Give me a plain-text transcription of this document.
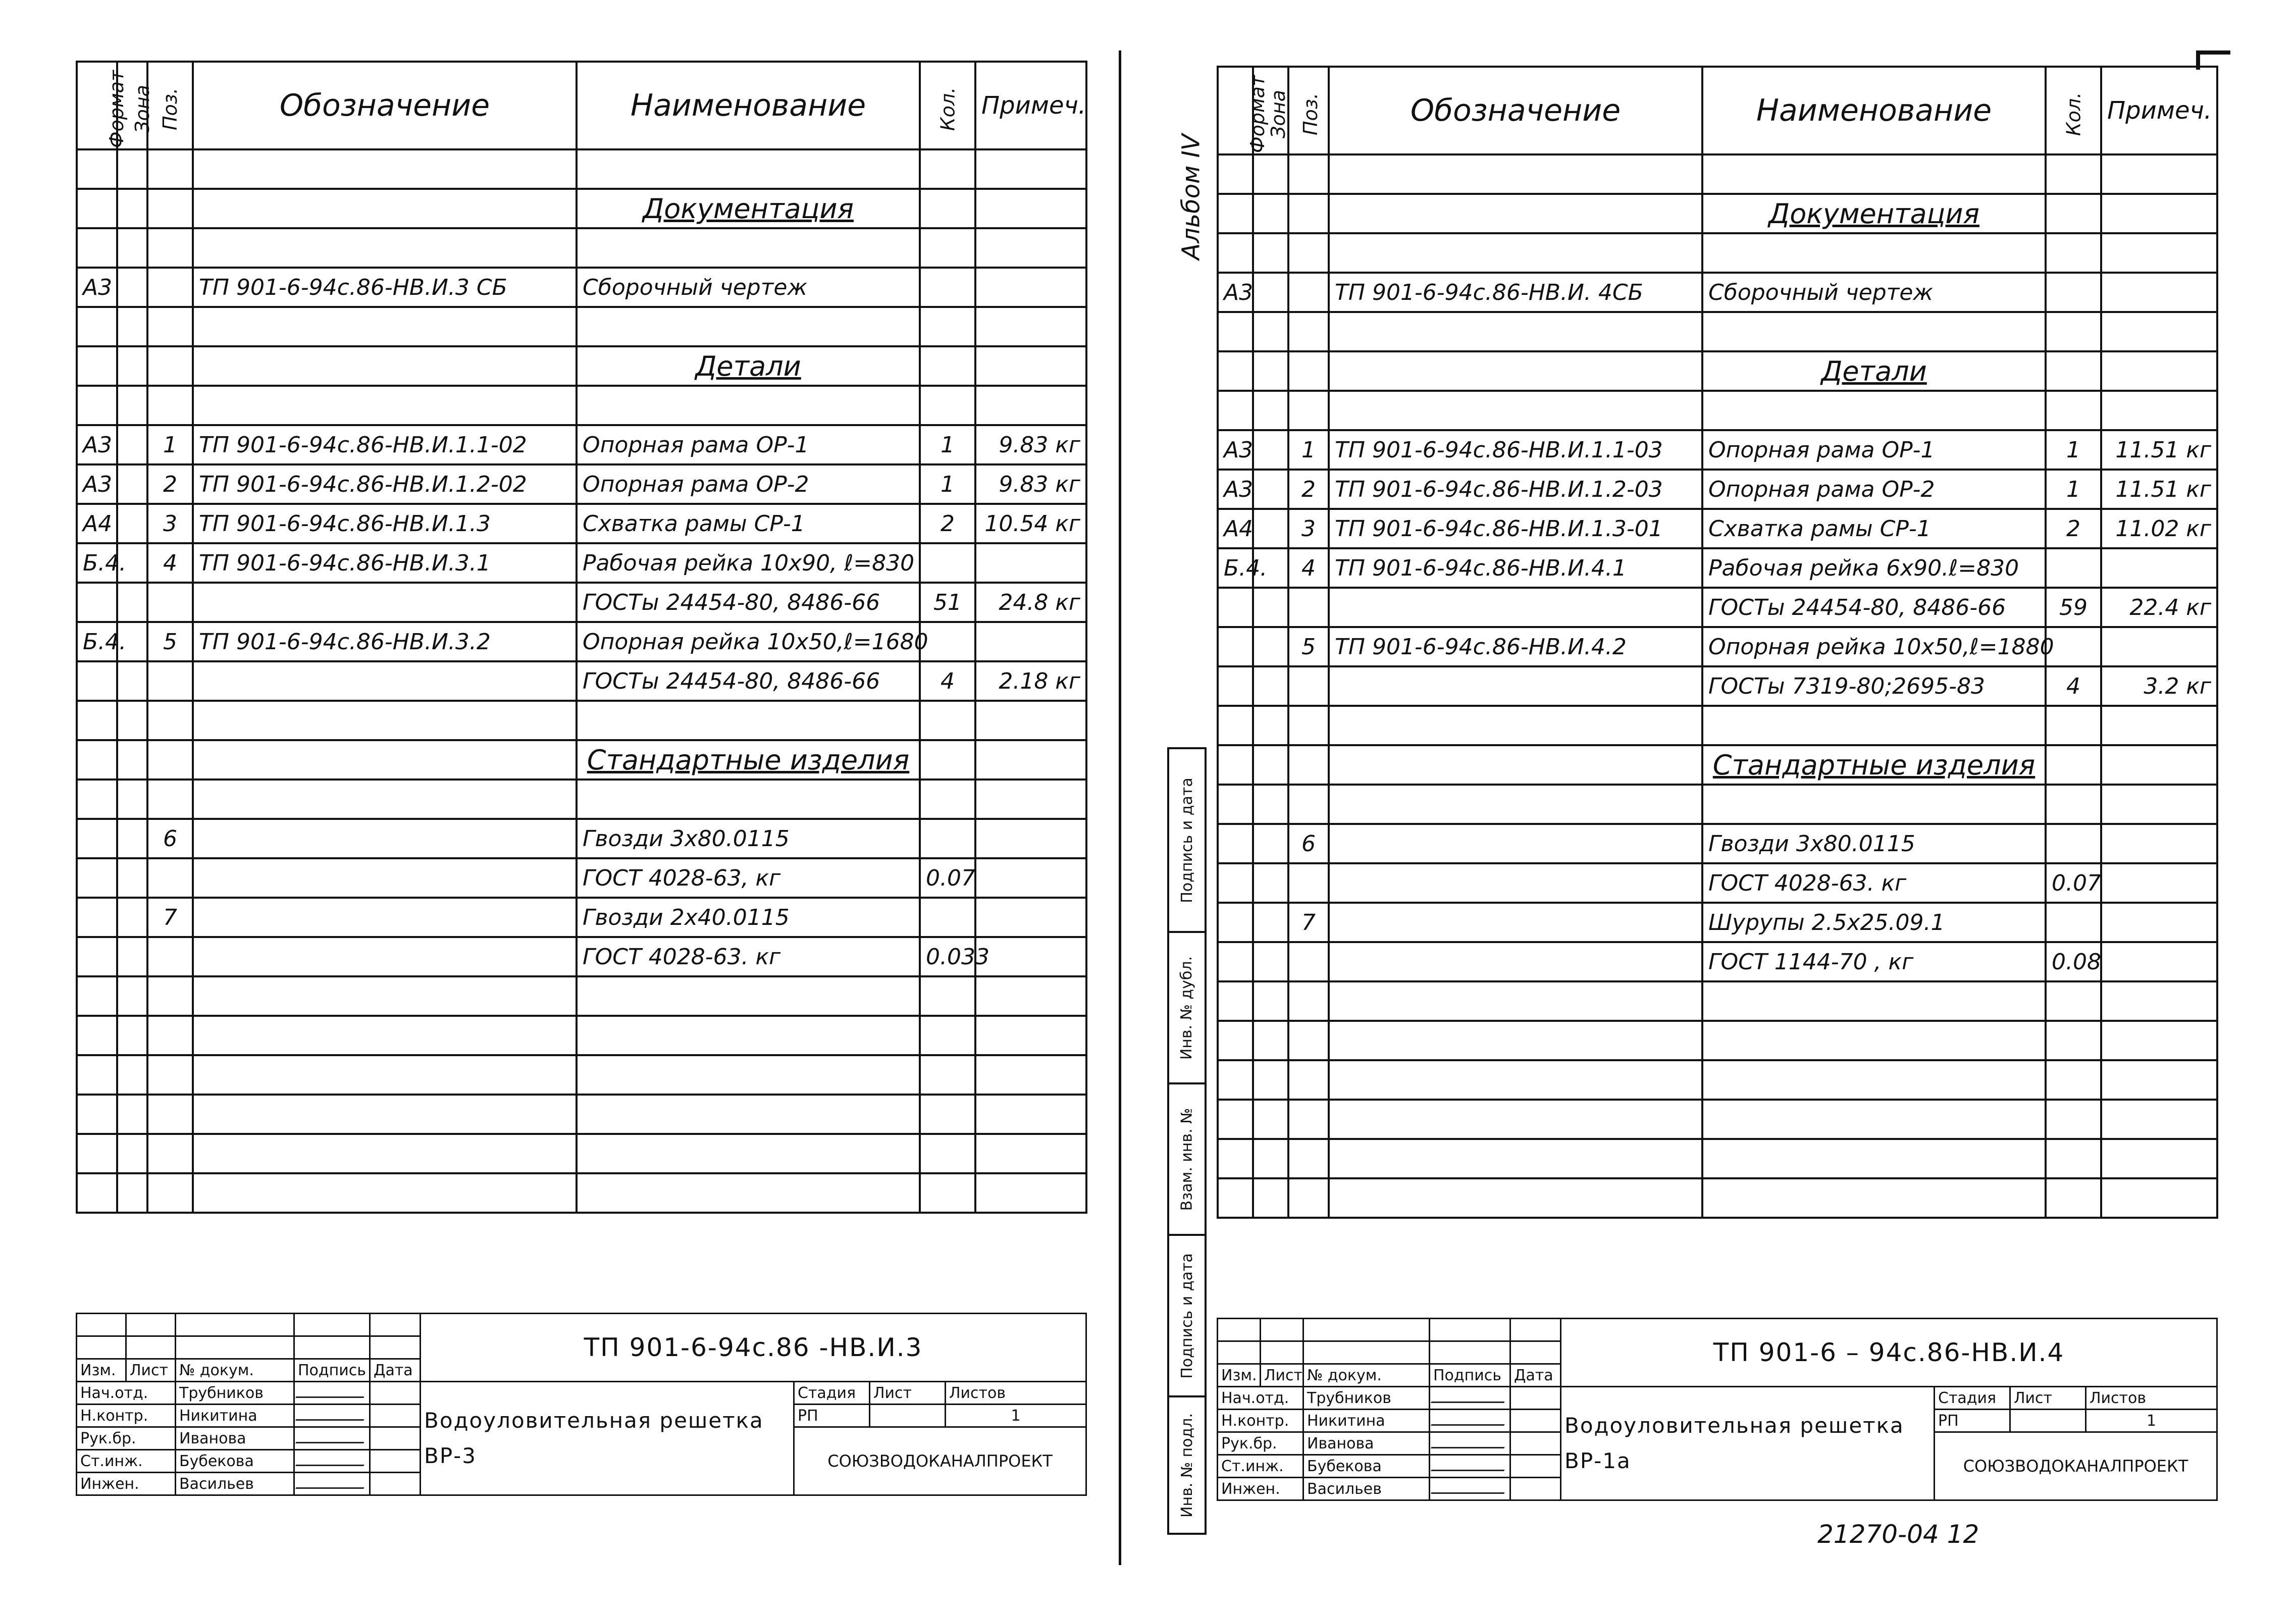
Формат	Зона	Поз.	Обозначение	Наименование	Кол.	Примеч.

				Документация		

А3			ТП 901-6-94с.86-НВ.И.3 СБ	Сборочный чертеж		

				Детали		

А3		1	ТП 901-6-94с.86-НВ.И.1.1-02	Опорная рама ОР-1	1	9.83 кг
А3		2	ТП 901-6-94с.86-НВ.И.1.2-02	Опорная рама ОР-2	1	9.83 кг
А4		3	ТП 901-6-94с.86-НВ.И.1.3	Схватка рамы СР-1	2	10.54 кг
Б.4.		4	ТП 901-6-94с.86-НВ.И.3.1	Рабочая рейка 10х90, ℓ=830		
				ГОСТы 24454-80, 8486-66	51	24.8 кг
Б.4.		5	ТП 901-6-94с.86-НВ.И.3.2	Опорная рейка 10х50,ℓ=1680		
				ГОСТы 24454-80, 8486-66	4	2.18 кг

				Стандартные изделия		

		6		Гвозди 3х80.0115		
				ГОСТ 4028-63, кг	0.07	
		7		Гвозди 2х40.0115		
				ГОСТ 4028-63. кг	0.033	

					ТП 901-6-94с.86 -НВ.И.3			

Изм.	Лист	№ докум.	Подпись	Дата				
Нач.отд.		Трубников			Водоуловительная решетка ВР-3	Стадия	Лист	Листов
Н.контр.		Никитина				РП		1
Рук.бр.		Иванова				СОЮЗВОДОКАНАЛПРОЕКТ		
Ст.инж.		Бубекова						
Инжен.		Васильев						
Альбом IV
Подпись и дата
Инв. № дубл.
Взам. инв. №
Подпись и дата
Инв. № подл.
Формат	Зона	Поз.	Обозначение	Наименование	Кол.	Примеч.

				Документация		

А3			ТП 901-6-94с.86-НВ.И. 4СБ	Сборочный чертеж		

				Детали		

А3		1	ТП 901-6-94с.86-НВ.И.1.1-03	Опорная рама ОР-1	1	11.51 кг
А3		2	ТП 901-6-94с.86-НВ.И.1.2-03	Опорная рама ОР-2	1	11.51 кг
А4		3	ТП 901-6-94с.86-НВ.И.1.3-01	Схватка рамы СР-1	2	11.02 кг
Б.4.		4	ТП 901-6-94с.86-НВ.И.4.1	Рабочая рейка 6х90.ℓ=830		
				ГОСТы 24454-80, 8486-66	59	22.4 кг
		5	ТП 901-6-94с.86-НВ.И.4.2	Опорная рейка 10х50,ℓ=1880		
				ГОСТы 7319-80;2695-83	4	3.2 кг

				Стандартные изделия		

		6		Гвозди 3х80.0115		
				ГОСТ 4028-63. кг	0.07	
		7		Шурупы 2.5х25.09.1		
				ГОСТ 1144-70 , кг	0.08	

					ТП 901-6 – 94с.86-НВ.И.4			

Изм.	Лист	№ докум.	Подпись	Дата				
Нач.отд.		Трубников			Водоуловительная решетка ВР-1а	Стадия	Лист	Листов
Н.контр.		Никитина				РП		1
Рук.бр.		Иванова				СОЮЗВОДОКАНАЛПРОЕКТ		
Ст.инж.		Бубекова						
Инжен.		Васильев						
21270-04 12
